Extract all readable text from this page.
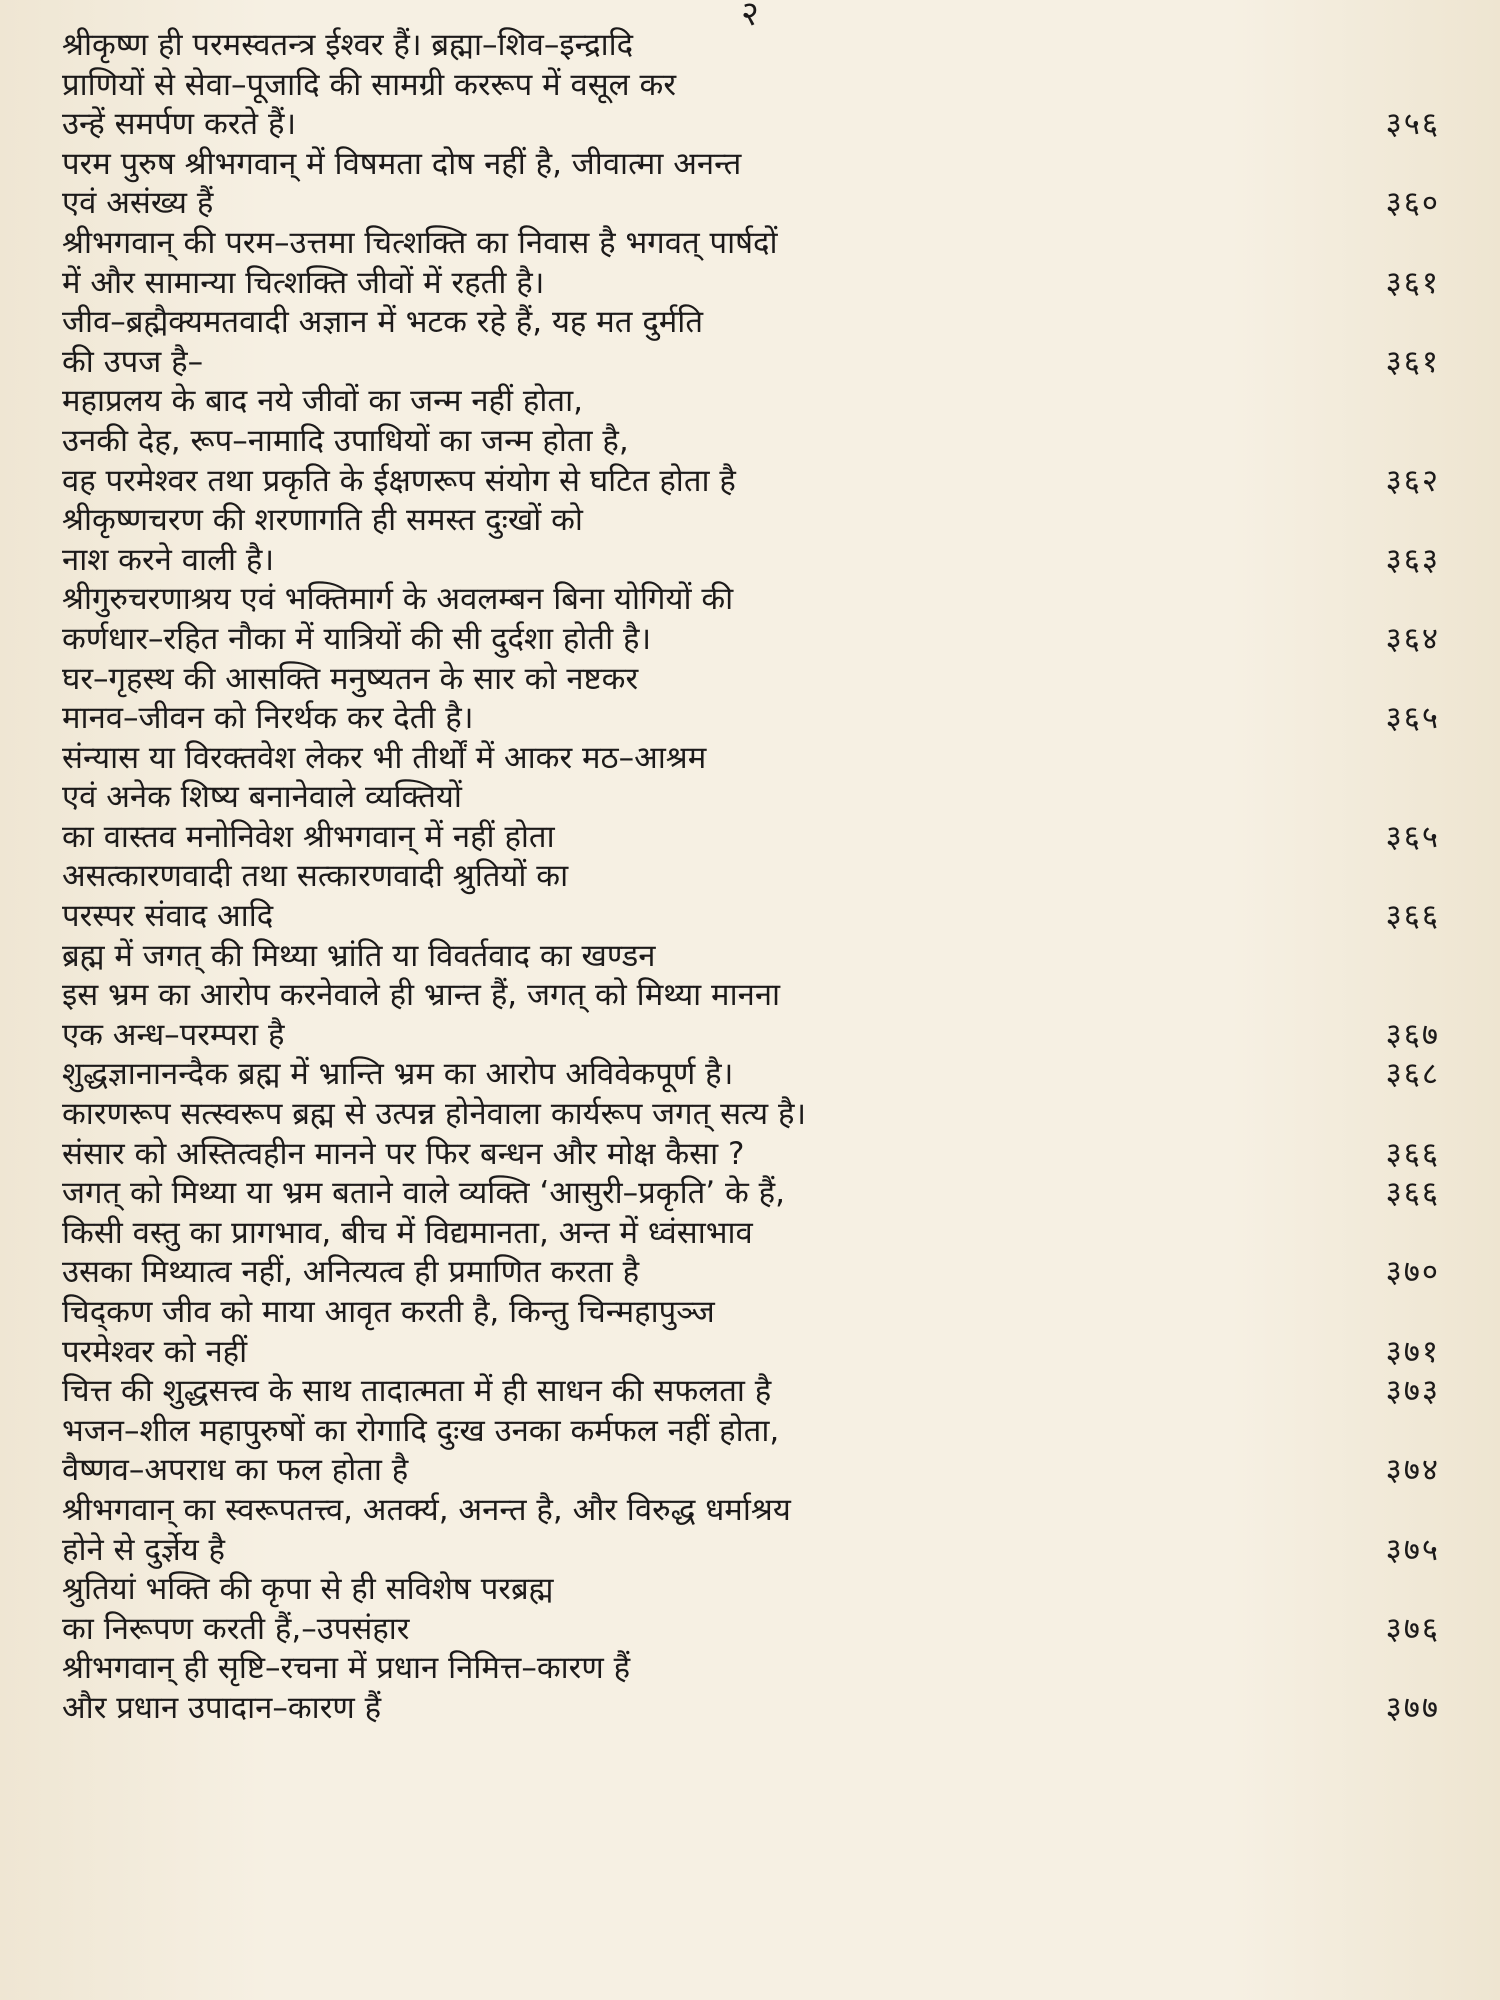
२
श्रीकृष्ण ही परमस्वतन्त्र ईश्वर हैं। ब्रह्मा–शिव–इन्द्रादि
प्राणियों से सेवा–पूजादि की सामग्री कररूप में वसूल कर
उन्हें समर्पण करते हैं।	३५६
परम पुरुष श्रीभगवान् में विषमता दोष नहीं है, जीवात्मा अनन्त
एवं असंख्य हैं	३६०
श्रीभगवान् की परम–उत्तमा चित्शक्ति का निवास है भगवत् पार्षदों
में और सामान्या चित्शक्ति जीवों में रहती है।	३६१
जीव–ब्रह्मैक्यमतवादी अज्ञान में भटक रहे हैं, यह मत दुर्मति
की उपज है–	३६१
महाप्रलय के बाद नये जीवों का जन्म नहीं होता,
उनकी देह, रूप–नामादि उपाधियों का जन्म होता है,
वह परमेश्वर तथा प्रकृति के ईक्षणरूप संयोग से घटित होता है	३६२
श्रीकृष्णचरण की शरणागति ही समस्त दुःखों को
नाश करने वाली है।	३६३
श्रीगुरुचरणाश्रय एवं भक्तिमार्ग के अवलम्बन बिना योगियों की
कर्णधार–रहित नौका में यात्रियों की सी दुर्दशा होती है।	३६४
घर–गृहस्थ की आसक्ति मनुष्यतन के सार को नष्टकर
मानव–जीवन को निरर्थक कर देती है।	३६५
संन्यास या विरक्तवेश लेकर भी तीर्थों में आकर मठ–आश्रम
एवं अनेक शिष्य बनानेवाले व्यक्तियों
का वास्तव मनोनिवेश श्रीभगवान् में नहीं होता	३६५
असत्कारणवादी तथा सत्कारणवादी श्रुतियों का
परस्पर संवाद आदि	३६६
ब्रह्म में जगत् की मिथ्या भ्रांति या विवर्तवाद का खण्डन
इस भ्रम का आरोप करनेवाले ही भ्रान्त हैं, जगत् को मिथ्या मानना
एक अन्ध–परम्परा है	३६७
शुद्धज्ञानानन्दैक ब्रह्म में भ्रान्ति भ्रम का आरोप अविवेकपूर्ण है।	३६८
कारणरूप सत्स्वरूप ब्रह्म से उत्पन्न होनेवाला कार्यरूप जगत् सत्य है।
संसार को अस्तित्वहीन मानने पर फिर बन्धन और मोक्ष कैसा ?	३६६
जगत् को मिथ्या या भ्रम बताने वाले व्यक्ति ‘आसुरी–प्रकृति’ के हैं,	३६६
किसी वस्तु का प्रागभाव, बीच में विद्यमानता, अन्त में ध्वंसाभाव
उसका मिथ्यात्व नहीं, अनित्यत्व ही प्रमाणित करता है	३७०
चिद्कण जीव को माया आवृत करती है, किन्तु चिन्महापुञ्ज
परमेश्वर को नहीं	३७१
चित्त की शुद्धसत्त्व के साथ तादात्मता में ही साधन की सफलता है	३७३
भजन–शील महापुरुषों का रोगादि दुःख उनका कर्मफल नहीं होता,
वैष्णव–अपराध का फल होता है	३७४
श्रीभगवान् का स्वरूपतत्त्व, अतर्क्य, अनन्त है, और विरुद्ध धर्माश्रय
होने से दुर्ज्ञेय है	३७५
श्रुतियां भक्ति की कृपा से ही सविशेष परब्रह्म
का निरूपण करती हैं,–उपसंहार	३७६
श्रीभगवान् ही सृष्टि–रचना में प्रधान निमित्त–कारण हैं
और प्रधान उपादान–कारण हैं	३७७
